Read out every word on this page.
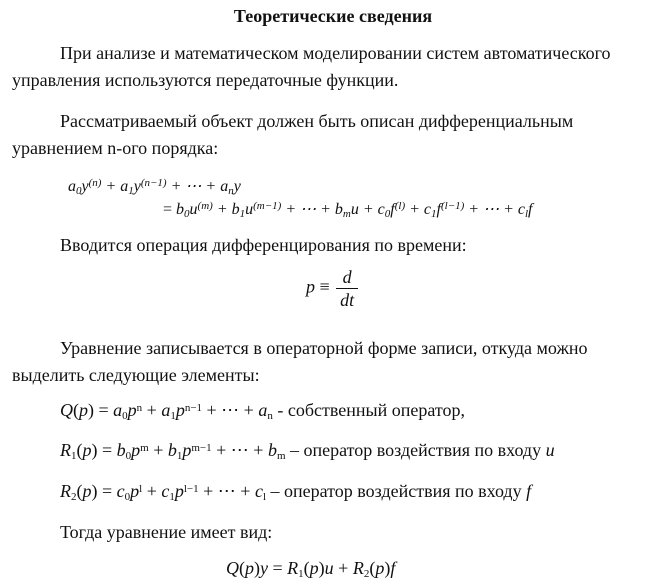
Теоретические сведения
При анализе и математическом моделировании систем автоматического
управления используются передаточные функции.
Рассматриваемый объект должен быть описан дифференциальным
уравнением n-ого порядка:
$a_0y^{(n)} + a_1y^{(n-1)}$ + ⋯ + $a_ny$
= $b_0u^{(m)} + b_1u^{(m-1)}$ + ⋯ + $b_mu + c_0f^{(l)} + c_1f^{(l-1)}$ + ⋯ + $c_lf$
Вводится операция дифференцирования по времени:
$p \equiv \frac{d}{dt}$
Уравнение записывается в операторной форме записи, откуда можно
выделить следующие элементы:
$Q(p) = a_0p^n + a_1p^{n-1}$ + ⋯ + $a_n$ - собственный оператор,
$R_1(p) = b_0p^m + b_1p^{m-1}$ + ⋯ + $b_m$ – оператор воздействия по входу u
$R_2(p) = c_0p^l + c_1p^{l-1}$ + ⋯ + $c_l$ – оператор воздействия по входу f
Тогда уравнение имеет вид:
$Q(p)y = R_1(p)u + R_2(p)f$
